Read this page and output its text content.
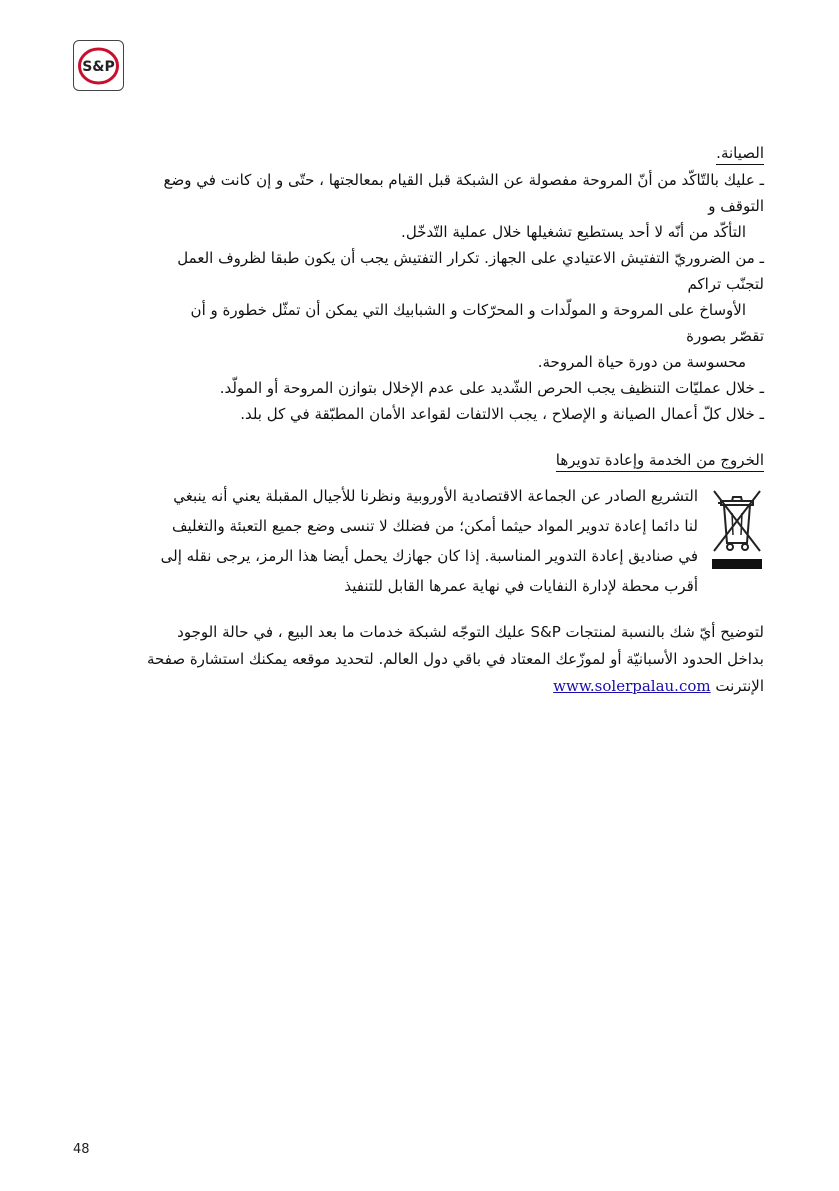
S&P
الصيانة.
ـ عليك بالتّاكّد من أنّ المروحة مفصولة عن الشبكة قبل القيام بمعالجتها ، حتّى و إن كانت في وضع
التوقف و
التأكّد من أنّه لا أحد يستطيع تشغيلها خلال عملية التّدخّل.
ـ من الضروريّ التفتيش الاعتيادي على الجهاز. تكرار التفتيش يجب أن يكون طبقا لظروف العمل
لتجنّب تراكم
الأوساخ على المروحة و المولّدات و المحرّكات و الشبابيك التي يمكن أن تمثّل خطورة و أن
تقصّر بصورة
محسوسة من دورة حياة المروحة.
ـ خلال عمليّات التنظيف يجب الحرص الشّديد على عدم الإخلال بتوازن المروحة أو المولّد.
ـ خلال كلّ أعمال الصيانة و الإصلاح ، يجب الالتفات لقواعد الأمان المطبّقة في كل بلد.
الخروج من الخدمة وإعادة تدويرها
التشريع الصادر عن الجماعة الاقتصادية الأوروبية ونظرنا للأجيال المقبلة يعني أنه ينبغي
لنا دائما إعادة تدوير المواد حيثما أمكن؛ من فضلك لا تنسى وضع جميع التعبئة والتغليف
في صناديق إعادة التدوير المناسبة. إذا كان جهازك يحمل أيضا هذا الرمز، يرجى نقله إلى
أقرب محطة لإدارة النفايات في نهاية عمرها القابل للتنفيذ
لتوضيح أيّ شك بالنسبة لمنتجات S&P عليك التوجّه لشبكة خدمات ما بعد البيع ، في حالة الوجود
بداخل الحدود الأسبانيّة أو لموزّعك المعتاد في باقي دول العالم. لتحديد موقعه يمكنك استشارة صفحة
الإنترنت www.solerpalau.com
48
